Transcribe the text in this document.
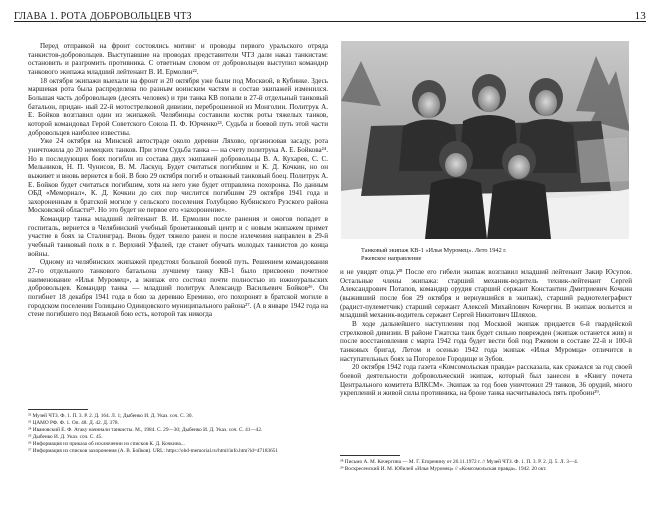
ГЛАВА 1. РОТА ДОБРОВОЛЬЦЕВ ЧТЗ	13

Перед отправкой на фронт состоялись митинг и проводы первого уральского отряда танкистов-добровольцев. Выступавшие на проводах представители ЧТЗ дали наказ танкистам: остановить и разгромить противника. С ответным словом от добровольцев выступил командир танкового экипажа младший лейтенант В. И. Ермолин²².

18 октября экипажи выехали на фронт и 20 октября уже были под Москвой, в Кубинке. Здесь маршевая рота была распределена по разным воинским частям и состав экипажей изменился. Большая часть добровольцев (десять человек) и три танка КВ попали в 27-й отдельный танковый батальон, придан- ный 22-й мотострелковой дивизии, переброшенной из Монголии. Политрук А. Е. Бойков возглавил один из экипажей. Челябинцы составили костяк роты тяжелых танков, которой командовал Герой Советского Союза П. Ф. Юрченко²³. Судьба и боевой путь этой части добровольцев наиболее известны.

Уже 24 октября на Минской автостраде около деревни Ляхово, организовав засаду, рота уничтожила до 20 немецких танков. При этом Судьба танка — на счету политрука А. Е. Бойкова²⁴. Но в последующих боях погибли из состава двух экипажей добровольцы В. А. Кухарев, С. С. Мельников, Н. П. Чунисов, В. М. Ласкуц. Будет считаться погибшим и К. Д. Кочкин, но он выживет и вновь вернется в бой. В бою 29 октября погиб и отважный танковый боец. Политрук А. Е. Бойков будет считаться погибшим, хотя на него уже будет отправлена похоронка. По данным ОБД «Мемориал», К. Д. Кочкин до сих пор числится погибшим 29 октября 1941 года и захороненным в братской могиле у сельского поселения Голубцово Кубинского Рузского района Московской области²⁵. Но это будет не первое его «захоронение».

Командир танка младший лейтенант В. И. Ермолин после ранения и ожогов попадет в госпиталь, вернется в Челябинский учебный бронетанковый центр и с новым экипажем примет участие в боях за Сталинград. Вновь будет тяжело ранен и после излечения направлен в 29-й учебный танковый полк в г. Верхний Уфалей, где станет обучать молодых танкистов до конца войны.

Одному из челябинских экипажей предстоял большой боевой путь. Решением командования 27-го отдельного танкового батальона лучшему танку КВ-1 было присвоено почетное наименование «Илья Муромец», а экипаж его состоял почти полностью из южноуральских добровольцев. Командир танка — младший политрук Александр Васильевич Бойков²⁶. Он погибнет 18 декабря 1941 года в бою за деревню Еремино, его похоронят в братской могиле в городском поселении Голицыно Одинцовского муниципального района²⁷. (А в январе 1942 года на стене погибшего под Вязьмой бою есть, которой так никогда

²² Музей ЧТЗ. Ф. 1. П. 3. Р. 2. Д. 164. Л. 1; Дыбенко И. Д. Указ. соч. С. 30.
²³ ЦАМО РФ. Ф. 1. Оп. 48. Д. 42. Д. 378.
²⁴ Ивановский Е. Ф. Атаку начинали танкисты. М., 1984. С. 29—30; Дыбенко И. Д. Указ. соч. С. 41—42.
²⁵ Дыбенко И. Д. Указ. соч. С. 45.
²⁶ Информация из приказа об исключении из списков К. Д. Кочкина...
²⁷ Информация из списков захоронения (А. В. Бойков). URL: https://obd-memorial.ru/html/info.htm?id=47183651
Танковый экипаж КВ-1 «Илья Муромец». Лето 1942 г.
Ржевское направление

и не увидят отца.)²⁸ После его гибели экипаж возглавил младший лейтенант Закир Юсупов. Остальные члены экипажа: старший механик-водитель техник-лейтенант Сергей Александрович Потапов, командир орудия старший сержант Константин Дмитриевич Кочкин (выживший после боя 29 октября и вернувшийся в экипаж), старший радиотелеграфист (радист-пулеметчик) старший сержант Алексей Михайлович Кочергин. В экипаж вольется и младший механик-водитель сержант Сергей Никитович Шляхов.

В ходе дальнейшего наступления под Москвой экипаж придается 6-й гвардейской стрелковой дивизии. В районе Гжатска танк будет сильно поврежден (экипаж останется жив) и после восстановления с марта 1942 года будет вести бой под Ржевом в составе 22-й и 100-й танковых бригад. Летом и осенью 1942 года экипаж «Илья Муромца» отличится в наступательных боях за Погорелое Городище и Зубов.

20 октября 1942 года газета «Комсомольская правда» рассказала, как сражался за год своей боевой деятельности добровольческий экипаж, который был занесен в «Книгу почета Центрального комитета ВЛКСМ». Экипаж за год боев уничтожил 29 танков, 36 орудий, много укреплений и живой силы противника, на броне танка насчитывалось пять пробоин²⁹.

²⁸ Письмо А. М. Кочергина — М. Г. Егоренину от 26.11.1972 г. // Музей ЧТЗ. Ф. 1. П. 3. Р. 2. Д. 5. Л. 3—4.
²⁹ Воскресенский И. М. Юбилей «Илья Муромец» // «Комсомольская правда». 1942. 20 окт.
